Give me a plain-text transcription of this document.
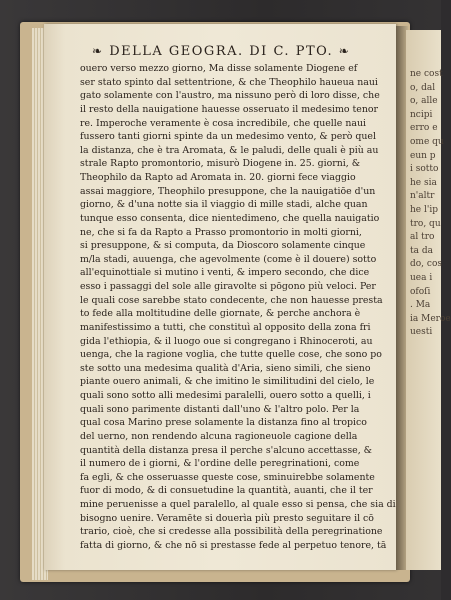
❧ DELLA GEOGRA. DI C. PTO. ❧
ouero verso mezzo giorno, Ma disse solamente Diogene ef
ser stato spinto dal settentrione, & che Theophilo haueua naui
gato solamente con l'austro, ma nissuno però di loro disse, che
il resto della nauigatione hauesse osseruato il medesimo tenor
re. Imperoche veramente è cosa incredibile, che quelle naui
fussero tanti giorni spinte da un medesimo vento, & però quel
la distanza, che è tra Aromata, & le paludi, delle quali è più au
strale Rapto promontorio, misurò Diogene in. 25. giorni, &
Theophilo da Rapto ad Aromata in. 20. giorni fece viaggio
assai maggiore, Theophilo presuppone, che la nauigatiōe d'un
giorno, & d'una notte sia il viaggio di mille stadi, alche quan
tunque esso consenta, dice nientedimeno, che quella nauigatio
ne, che si fa da Rapto a Prasso promontorio in molti giorni,
si presuppone, & si computa, da Dioscoro solamente cinque
m/la stadi, auuenga, che agevolmente (come è il douere) sotto
all'equinottiale si mutino i venti, & impero secondo, che dice
esso i passaggi del sole alle giravolte si pōgono più veloci. Per
le quali cose sarebbe stato condecente, che non hauesse presta
to fede alla moltitudine delle giornate, & perche anchora è
manifestissimo a tutti, che constituì al opposito della zona fri
gida l'ethiopia, & il luogo oue si congregano i Rhinoceroti, au
uenga, che la ragione voglia, che tutte quelle cose, che sono po
ste sotto una medesima qualità d'Aria, sieno simili, che sieno
piante ouero animali, & che imitino le similitudini del cielo, le
quali sono sotto alli medesimi paralelli, ouero sotto a quelli, i
quali sono parimente distanti dall'uno & l'altro polo. Per la
qual cosa Marino prese solamente la distanza fino al tropico
del uerno, non rendendo alcuna ragioneuole cagione della
quantità della distanza presa il perche s'alcuno accettasse, &
il numero de i giorni, & l'ordine delle peregrinationi, come
fa egli, & che osseruasse queste cose, sminuirebbe solamente
fuor di modo, & di consuetudine la quantità, auanti, che il ter
mine peruenisse a quel paralello, al quale esso si pensa, che sia di
bisogno uenire. Veramēte si douerìa più presto seguitare il cō
trario, cioè, che si credesse alla possibilità della peregrinatione
fatta di giorno, & che nō si prestasse fede al perpetuo tenore, tā
ne cost
o, dal
o, alle
ncipi
erro e
ome qu
eun p
i sotto
he sia
n'altr
he l'ip
tro, qu
al tro
ta da
do, cos
uea i
ofoſi
. Ma
ia Meroe
uesti
